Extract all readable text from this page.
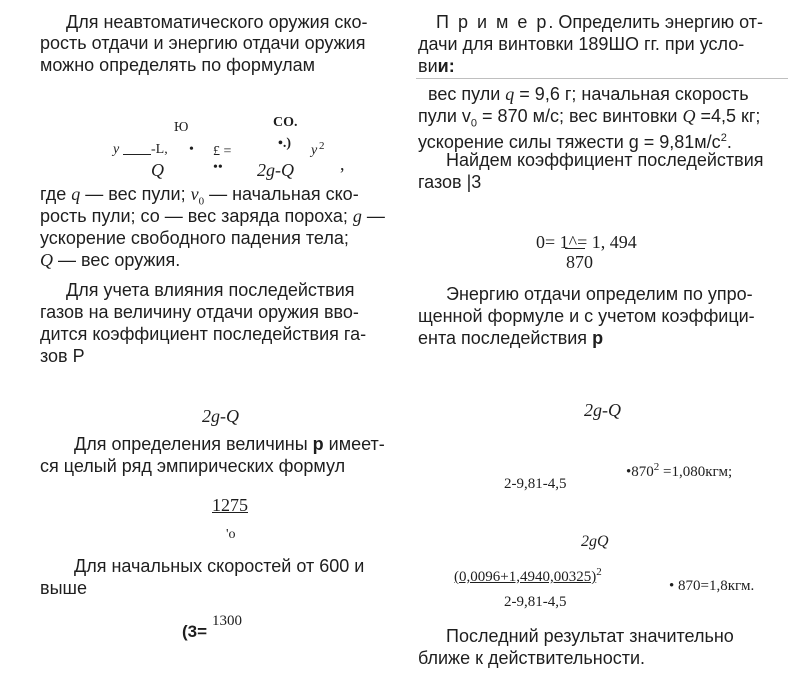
Для неавтоматического оружия ско-
рость отдачи и энергию отдачи оружия
можно определять по формулам
Ю	CO.
y -L, • £ =
•.) y 2
Q	•• 2g-Q	,
где q — вес пули; $v_0$ — начальная ско-
рость пули; со — вес заряда пороха; g —
ускорение свободного падения тела;
Q — вес оружия.
Для учета влияния последействия
газов на величину отдачи оружия вво-
дится коэффициент последействия га-
зов Р
2g-Q
Для определения величины р имеет-
ся целый ряд эмпирических формул
1275
'о
Для начальных скоростей от 600 и
выше
(3=
1300
П р и м е р. Определить энергию от-
дачи для винтовки 189ШО гг. при усло-
вии:
вес пули q = 9,6 г; начальная скорость
пули $v_0 = 870$ м/с; вес винтовки Q =4,5 кг;
ускорение силы тяжести $g = 9,81м/с^2$.
Найдем коэффициент последействия
газов |3
0= 1^= 1, 494
870
Энергию отдачи определим по упро-
щенной формуле и с учетом коэффици-
ента последействия р
2g-Q
$•870^2 =1,080кгм$;
2-9,81-4,5
2gQ
$(0,0096+1,4940,00325)^2$
• 870=1,8кгм.
2-9,81-4,5
Последний результат значительно
ближе к действительности.
